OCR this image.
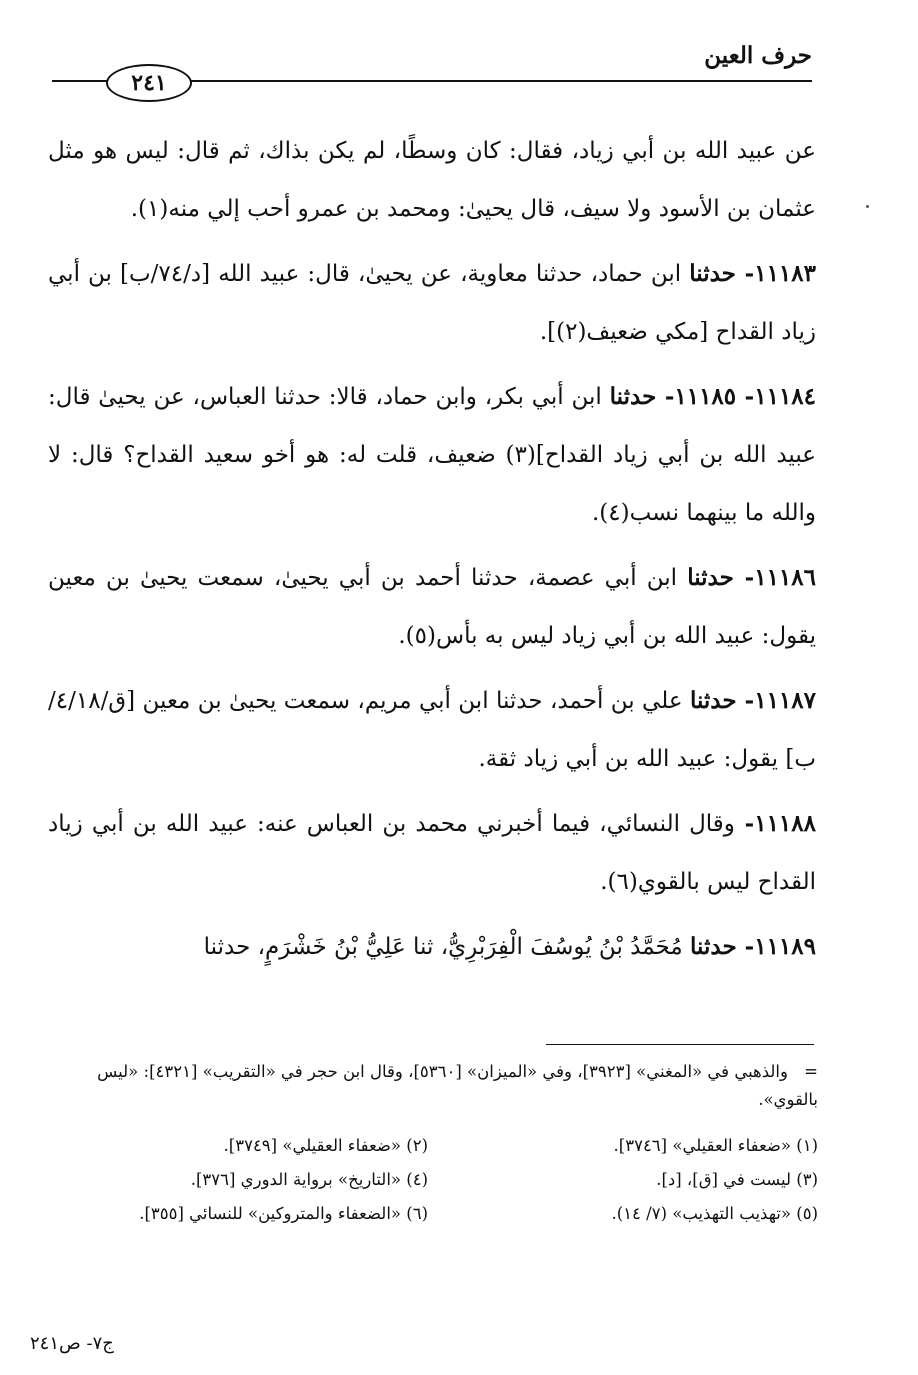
حرف العين
٢٤١

عن عبيد الله بن أبي زياد، فقال: كان وسطًا، لم يكن بذاك، ثم قال: ليس هو مثل عثمان بن الأسود ولا سيف، قال يحيىٰ: ومحمد بن عمرو أحب إلي منه(١).

١١١٨٣- حدثنا ابن حماد، حدثنا معاوية، عن يحيىٰ، قال: عبيد الله [د/٧٤/ب] بن أبي زياد القداح [مكي ضعيف(٢)].

١١١٨٤- ١١١٨٥- حدثنا ابن أبي بكر، وابن حماد، قالا: حدثنا العباس، عن يحيىٰ قال: عبيد الله بن أبي زياد القداح](٣) ضعيف، قلت له: هو أخو سعيد القداح؟ قال: لا والله ما بينهما نسب(٤).

١١١٨٦- حدثنا ابن أبي عصمة، حدثنا أحمد بن أبي يحيىٰ، سمعت يحيىٰ بن معين يقول: عبيد الله بن أبي زياد ليس به بأس(٥).

١١١٨٧- حدثنا علي بن أحمد، حدثنا ابن أبي مريم، سمعت يحيىٰ بن معين [ق/٤/١٨/ب] يقول: عبيد الله بن أبي زياد ثقة.

١١١٨٨- وقال النسائي، فيما أخبرني محمد بن العباس عنه: عبيد الله بن أبي زياد القداح ليس بالقوي(٦).

١١١٨٩- حدثنا مُحَمَّدُ بْنُ يُوسُفَ الْفِرَبْرِيُّ، ثنا عَلِيُّ بْنُ خَشْرَمٍ، حدثنا

=والذهبي في «المغني» [٣٩٢٣]، وفي «الميزان» [٥٣٦٠]، وقال ابن حجر في «التقريب» [٤٣٢١]: «ليس بالقوي».

(١) «ضعفاء العقيلي» [٣٧٤٦].

(٢) «ضعفاء العقيلي» [٣٧٤٩].

(٣) ليست في [ق]، [د].

(٤) «التاريخ» برواية الدوري [٣٧٦].

(٥) «تهذيب التهذيب» (٧/ ١٤).

(٦) «الضعفاء والمتروكين» للنسائي [٣٥٥].

ج٧- ص٢٤١
